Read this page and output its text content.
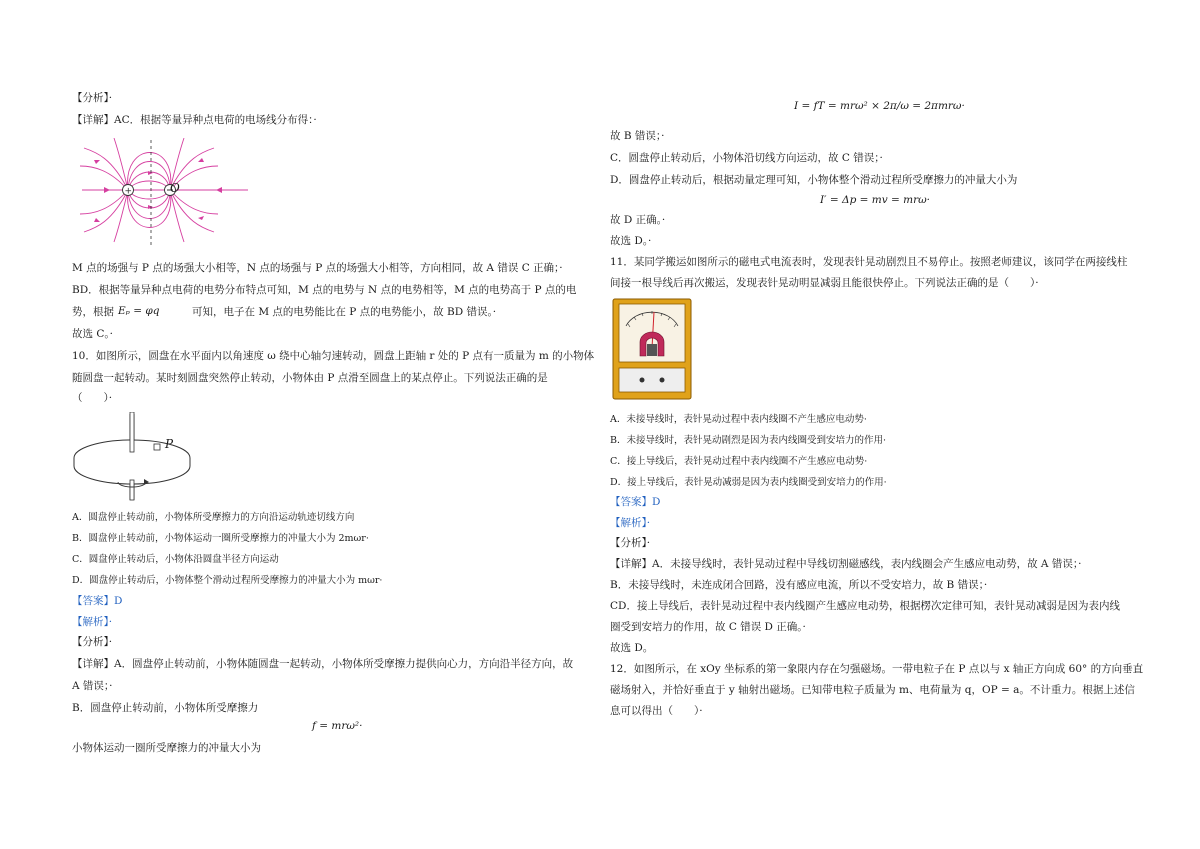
【分析】·
【详解】AC．根据等量异种点电荷的电场线分布得：·
+	O
M 点的场强与 P 点的场强大小相等，N 点的场强与 P 点的场强大小相等，方向相同，故 A 错误 C 正确；·
BD．根据等量异种点电荷的电势分布特点可知，M 点的电势与 N 点的电势相等，M 点的电势高于 P 点的电
势，根据 Eₚ = φq	可知，电子在 M 点的电势能比在 P 点的电势能小，故 BD 错误。·
故选 C。·
10．如图所示，圆盘在水平面内以角速度 ω 绕中心轴匀速转动，圆盘上距轴 r 处的 P 点有一质量为 m 的小物体
随圆盘一起转动。某时刻圆盘突然停止转动，小物体由 P 点滑至圆盘上的某点停止。下列说法正确的是
（　　）·
P
A．圆盘停止转动前，小物体所受摩擦力的方向沿运动轨迹切线方向
B．圆盘停止转动前，小物体运动一圈所受摩擦力的冲量大小为 2mωr·
C．圆盘停止转动后，小物体沿圆盘半径方向运动
D．圆盘停止转动后，小物体整个滑动过程所受摩擦力的冲量大小为 mωr·
【答案】D
【解析】·
【分析】·
【详解】A．圆盘停止转动前，小物体随圆盘一起转动，小物体所受摩擦力提供向心力，方向沿半径方向，故
A 错误；·
B．圆盘停止转动前，小物体所受摩擦力
f = mrω²·
小物体运动一圈所受摩擦力的冲量大小为
I = fT = mrω² × 2π/ω = 2πmrω·
故 B 错误；·
C．圆盘停止转动后，小物体沿切线方向运动，故 C 错误；·
D．圆盘停止转动后，根据动量定理可知，小物体整个滑动过程所受摩擦力的冲量大小为
I′ = Δp = mv = mrω·
故 D 正确。·
故选 D。·
11．某同学搬运如图所示的磁电式电流表时，发现表针晃动剧烈且不易停止。按照老师建议，该同学在两接线柱
间接一根导线后再次搬运，发现表针晃动明显减弱且能很快停止。下列说法正确的是（　　）·
A．未接导线时，表针晃动过程中表内线圈不产生感应电动势·
B．未接导线时，表针晃动剧烈是因为表内线圈受到安培力的作用·
C．接上导线后，表针晃动过程中表内线圈不产生感应电动势·
D．接上导线后，表针晃动减弱是因为表内线圈受到安培力的作用·
【答案】D
【解析】·
【分析】·
【详解】A．未接导线时，表针晃动过程中导线切割磁感线，表内线圈会产生感应电动势，故 A 错误；·
B．未接导线时，未连成闭合回路，没有感应电流，所以不受安培力，故 B 错误；·
CD．接上导线后，表针晃动过程中表内线圈产生感应电动势，根据楞次定律可知，表针晃动减弱是因为表内线
圈受到安培力的作用，故 C 错误 D 正确。·
故选 D。
12．如图所示，在 xOy 坐标系的第一象限内存在匀强磁场。一带电粒子在 P 点以与 x 轴正方向成 60° 的方向垂直
磁场射入，并恰好垂直于 y 轴射出磁场。已知带电粒子质量为 m、电荷量为 q，OP = a。不计重力。根据上述信
息可以得出（　　）·
